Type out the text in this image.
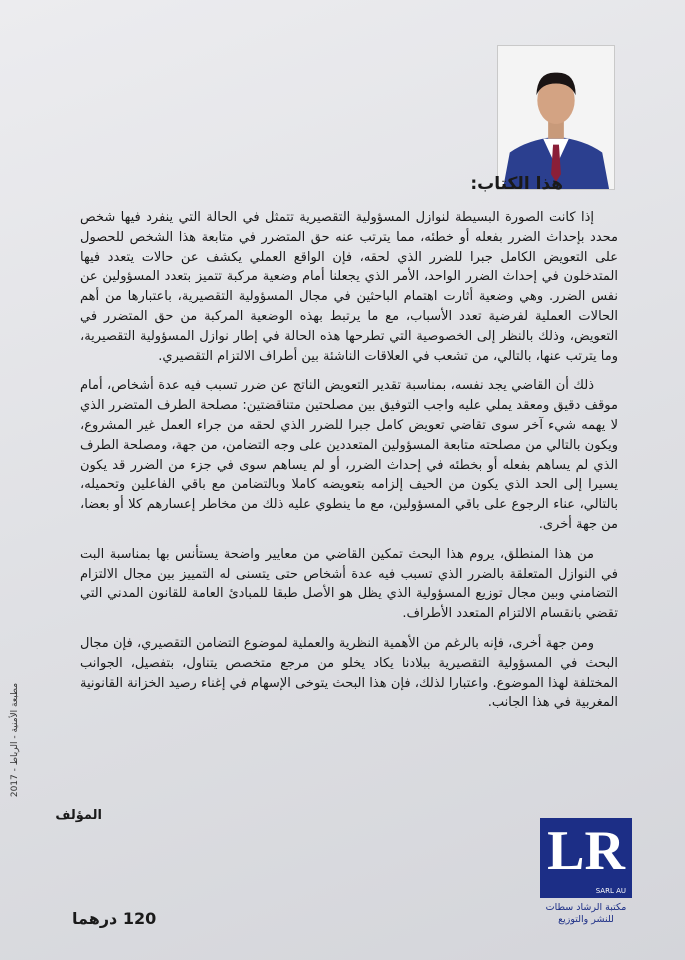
هذا الكتاب:

إذا كانت الصورة البسيطة لنوازل المسؤولية التقصيرية تتمثل في الحالة التي ينفرد فيها شخص محدد بإحداث الضرر بفعله أو خطئه، مما يترتب عنه حق المتضرر في متابعة هذا الشخص للحصول على التعويض الكامل جبرا للضرر الذي لحقه، فإن الواقع العملي يكشف عن حالات يتعدد فيها المتدخلون في إحداث الضرر الواحد، الأمر الذي يجعلنا أمام وضعية مركبة تتميز بتعدد المسؤولين عن نفس الضرر. وهي وضعية أثارت اهتمام الباحثين في مجال المسؤولية التقصيرية، باعتبارها من أهم الحالات العملية لفرضية تعدد الأسباب، مع ما يرتبط بهذه الوضعية المركبة من حق المتضرر في التعويض، وذلك بالنظر إلى الخصوصية التي تطرحها هذه الحالة في إطار نوازل المسؤولية التقصيرية، وما يترتب عنها، بالتالي، من تشعب في العلاقات الناشئة بين أطراف الالتزام التقصيري.

ذلك أن القاضي يجد نفسه، بمناسبة تقدير التعويض الناتج عن ضرر تسبب فيه عدة أشخاص، أمام موقف دقيق ومعقد يملي عليه واجب التوفيق بين مصلحتين متناقضتين: مصلحة الطرف المتضرر الذي لا يهمه شيء آخر سوى تقاضي تعويض كامل جبرا للضرر الذي لحقه من جراء العمل غير المشروع، ويكون بالتالي من مصلحته متابعة المسؤولين المتعددين على وجه التضامن، من جهة، ومصلحة الطرف الذي لم يساهم بفعله أو بخطئه في إحداث الضرر، أو لم يساهم سوى في جزء من الضرر قد يكون يسيرا إلى الحد الذي يكون من الحيف إلزامه بتعويضه كاملا وبالتضامن مع باقي الفاعلين وتحميله، بالتالي، عناء الرجوع على باقي المسؤولين، مع ما ينطوي عليه ذلك من مخاطر إعسارهم كلا أو بعضا، من جهة أخرى.

من هذا المنطلق، يروم هذا البحث تمكين القاضي من معايير واضحة يستأنس بها بمناسبة البت في النوازل المتعلقة بالضرر الذي تسبب فيه عدة أشخاص حتى يتسنى له التمييز بين مجال الالتزام التضامني وبين مجال توزيع المسؤولية الذي يظل هو الأصل طبقا للمبادئ العامة للقانون المدني التي تقضي بانقسام الالتزام المتعدد الأطراف.

ومن جهة أخرى، فإنه بالرغم من الأهمية النظرية والعملية لموضوع التضامن التقصيري، فإن مجال البحث في المسؤولية التقصيرية ببلادنا يكاد يخلو من مرجع متخصص يتناول، بتفصيل، الجوانب المختلفة لهذا الموضوع. واعتبارا لذلك، فإن هذا البحث يتوخى الإسهام في إغناء رصيد الخزانة القانونية المغربية في هذا الجانب.

المؤلف

مطبعة الأمنية - الرباط - 2017

120 درهما

LR
SARL AU
مكتبة الرشاد سطات
للنشر والتوزيع
